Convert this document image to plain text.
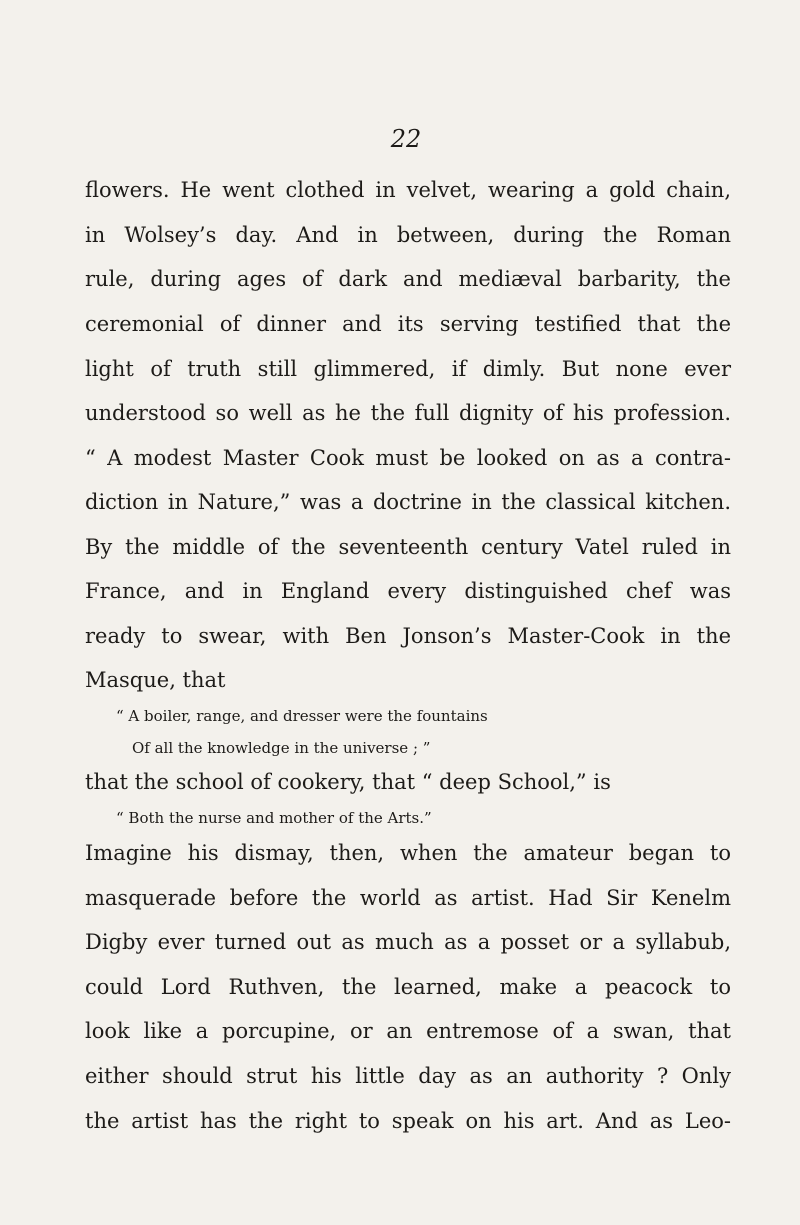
22
flowers. He went clothed in velvet, wearing a gold chain,
in Wolsey’s day. And in between, during the Roman
rule, during ages of dark and mediæval barbarity, the
ceremonial of dinner and its serving testified that the
light of truth still glimmered, if dimly. But none ever
understood so well as he the full dignity of his profession.
“ A modest Master Cook must be looked on as a contra-
diction in Nature,” was a doctrine in the classical kitchen.
By the middle of the seventeenth century Vatel ruled in
France, and in England every distinguished chef was
ready to swear, with Ben Jonson’s Master-Cook in the
Masque, that
“ A boiler, range, and dresser were the fountains
Of all the knowledge in the universe ; ”
that the school of cookery, that “ deep School,” is
“ Both the nurse and mother of the Arts.”
Imagine his dismay, then, when the amateur began to
masquerade before the world as artist. Had Sir Kenelm
Digby ever turned out as much as a posset or a syllabub,
could Lord Ruthven, the learned, make a peacock to
look like a porcupine, or an entremose of a swan, that
either should strut his little day as an authority ? Only
the artist has the right to speak on his art. And as Leo-
